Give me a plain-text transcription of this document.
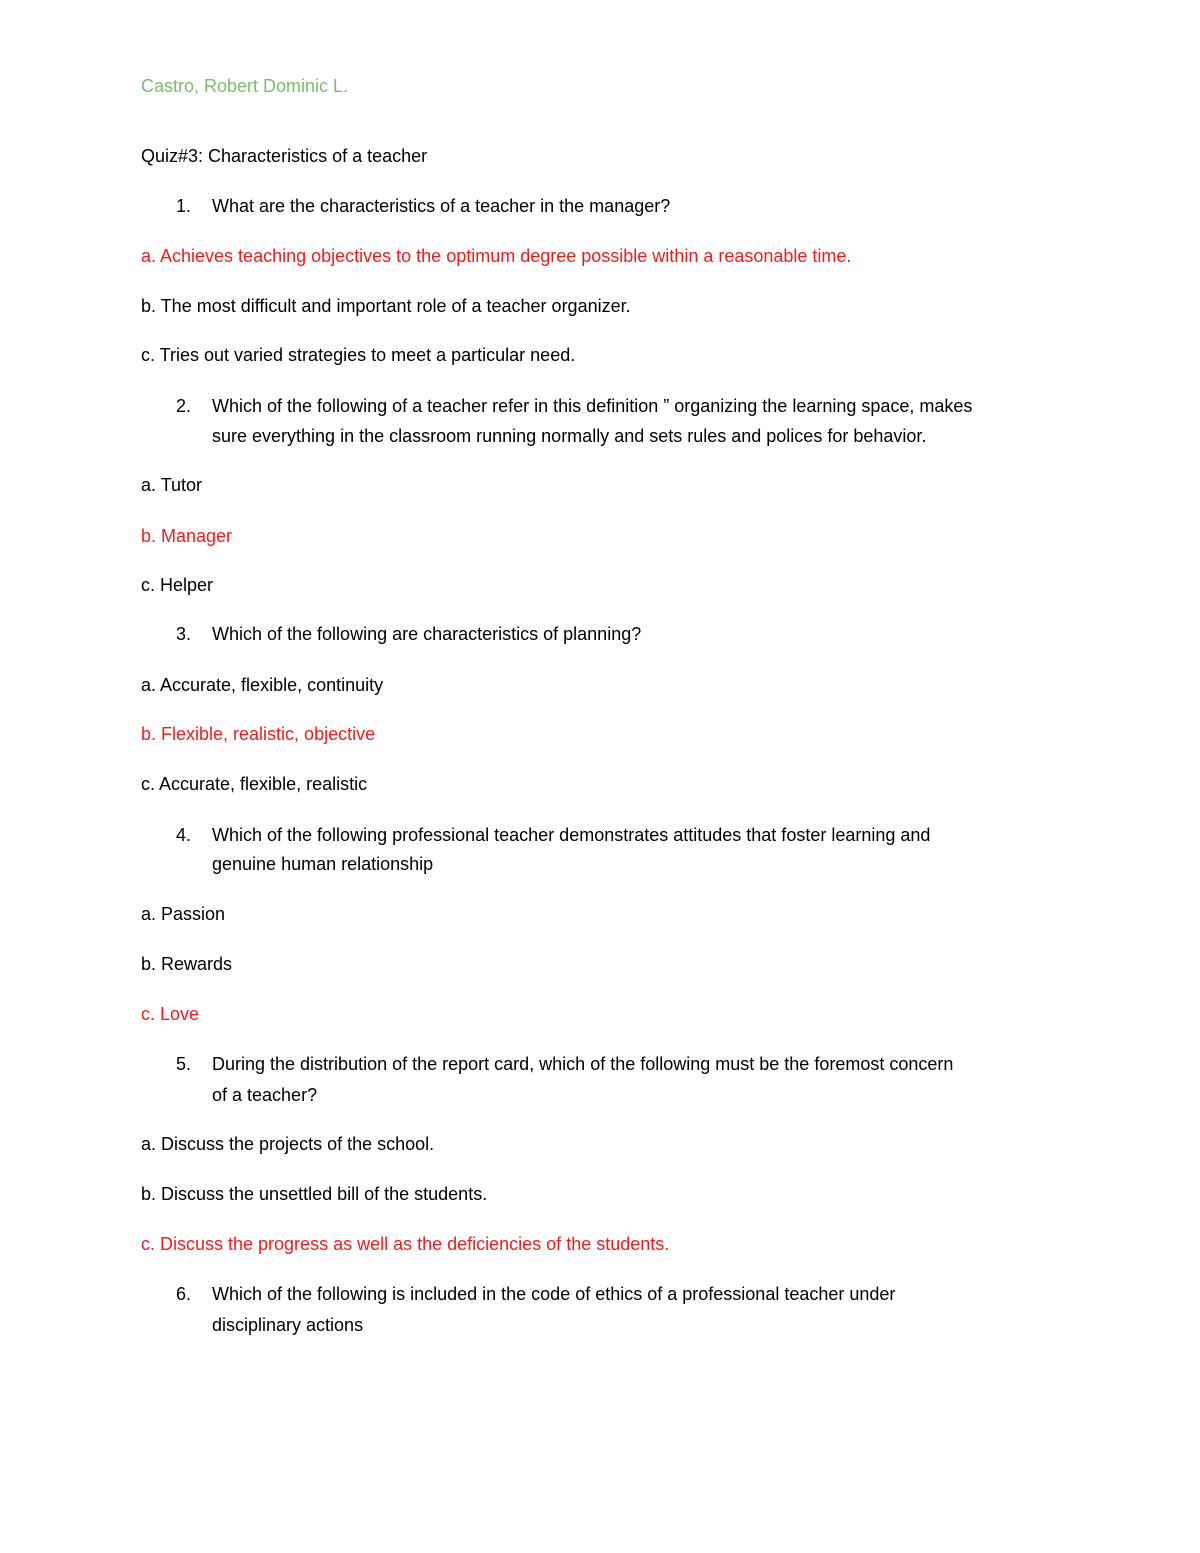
Castro, Robert Dominic L.
Quiz#3: Characteristics of a teacher
1. What are the characteristics of a teacher in the manager?
a. Achieves teaching objectives to the optimum degree possible within a reasonable time.
b. The most difficult and important role of a teacher organizer.
c. Tries out varied strategies to meet a particular need.
2. Which of the following of a teacher refer in this definition ” organizing the learning space, makes
sure everything in the classroom running normally and sets rules and polices for behavior.
a. Tutor
b. Manager
c. Helper
3. Which of the following are characteristics of planning?
a. Accurate, flexible, continuity
b. Flexible, realistic, objective
c. Accurate, flexible, realistic
4. Which of the following professional teacher demonstrates attitudes that foster learning and
genuine human relationship
a. Passion
b. Rewards
c. Love
5. During the distribution of the report card, which of the following must be the foremost concern
of a teacher?
a. Discuss the projects of the school.
b. Discuss the unsettled bill of the students.
c. Discuss the progress as well as the deficiencies of the students.
6. Which of the following is included in the code of ethics of a professional teacher under
disciplinary actions
